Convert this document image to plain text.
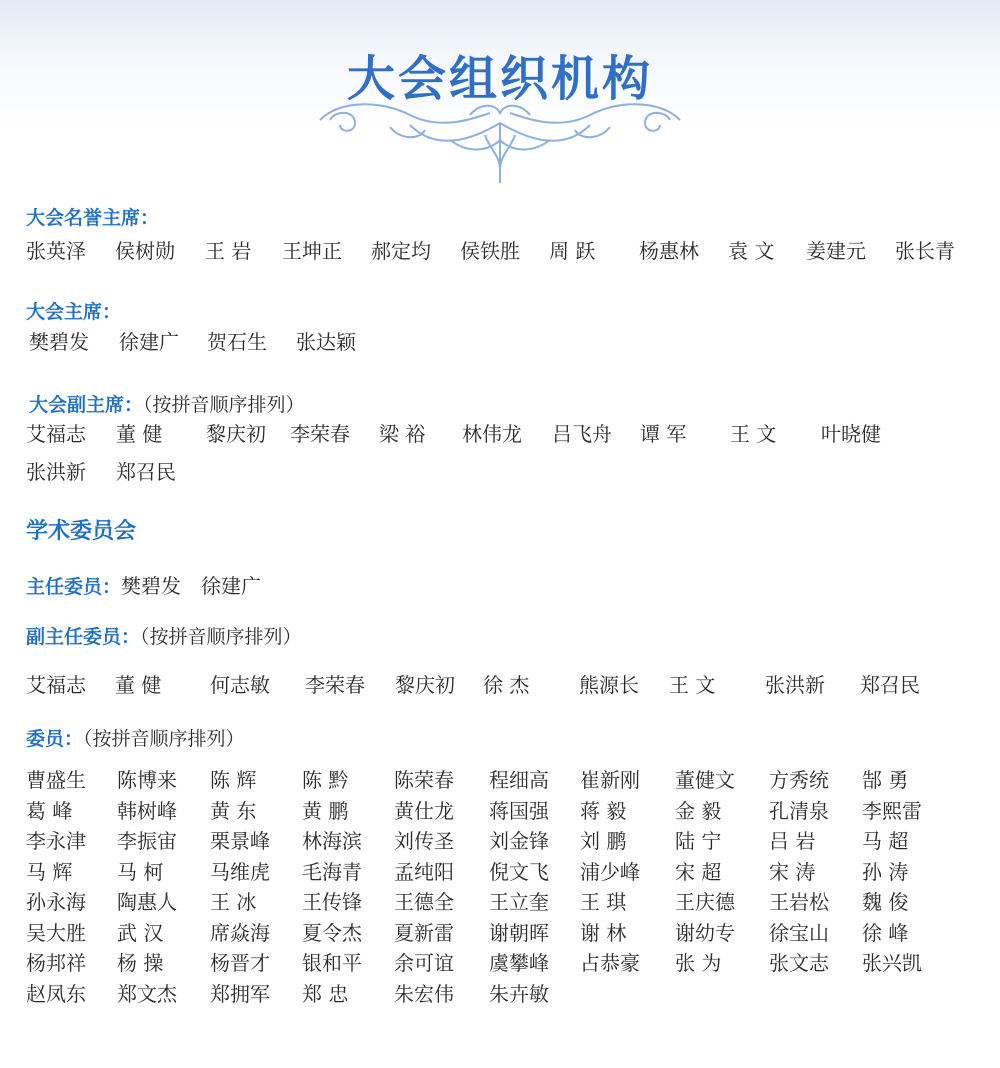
大会组织机构
大会名誉主席：
张英泽 侯树勋 王 岩 王坤正 郝定均 侯铁胜 周 跃 杨惠林 袁 文 姜建元 张长青
大会主席：
樊碧发 徐建广 贺石生 张达颖
大会副主席：（按拼音顺序排列）
艾福志 董 健 黎庆初 李荣春 梁 裕 林伟龙 吕飞舟 谭 军 王 文 叶晓健
张洪新 郑召民
学术委员会
主任委员：樊碧发　徐建广
副主任委员：（按拼音顺序排列）
艾福志 董 健 何志敏 李荣春 黎庆初 徐 杰 熊源长 王 文 张洪新 郑召民
委员：（按拼音顺序排列）
曹盛生 陈博来 陈 辉 陈 黔 陈荣春 程细高 崔新刚 董健文 方秀统 郜 勇
葛 峰 韩树峰 黄 东 黄 鹏 黄仕龙 蒋国强 蒋 毅 金 毅 孔清泉 李熙雷
李永津 李振宙 栗景峰 林海滨 刘传圣 刘金锋 刘 鹏 陆 宁 吕 岩 马 超
马 辉 马 柯 马维虎 毛海青 孟纯阳 倪文飞 浦少峰 宋 超 宋 涛 孙 涛
孙永海 陶惠人 王 冰 王传锋 王德全 王立奎 王 琪 王庆德 王岩松 魏 俊
吴大胜 武 汉 席焱海 夏令杰 夏新雷 谢朝晖 谢 林 谢幼专 徐宝山 徐 峰
杨邦祥 杨 操 杨晋才 银和平 余可谊 虞攀峰 占恭豪 张 为 张文志 张兴凯
赵凤东 郑文杰 郑拥军 郑 忠 朱宏伟 朱卉敏
